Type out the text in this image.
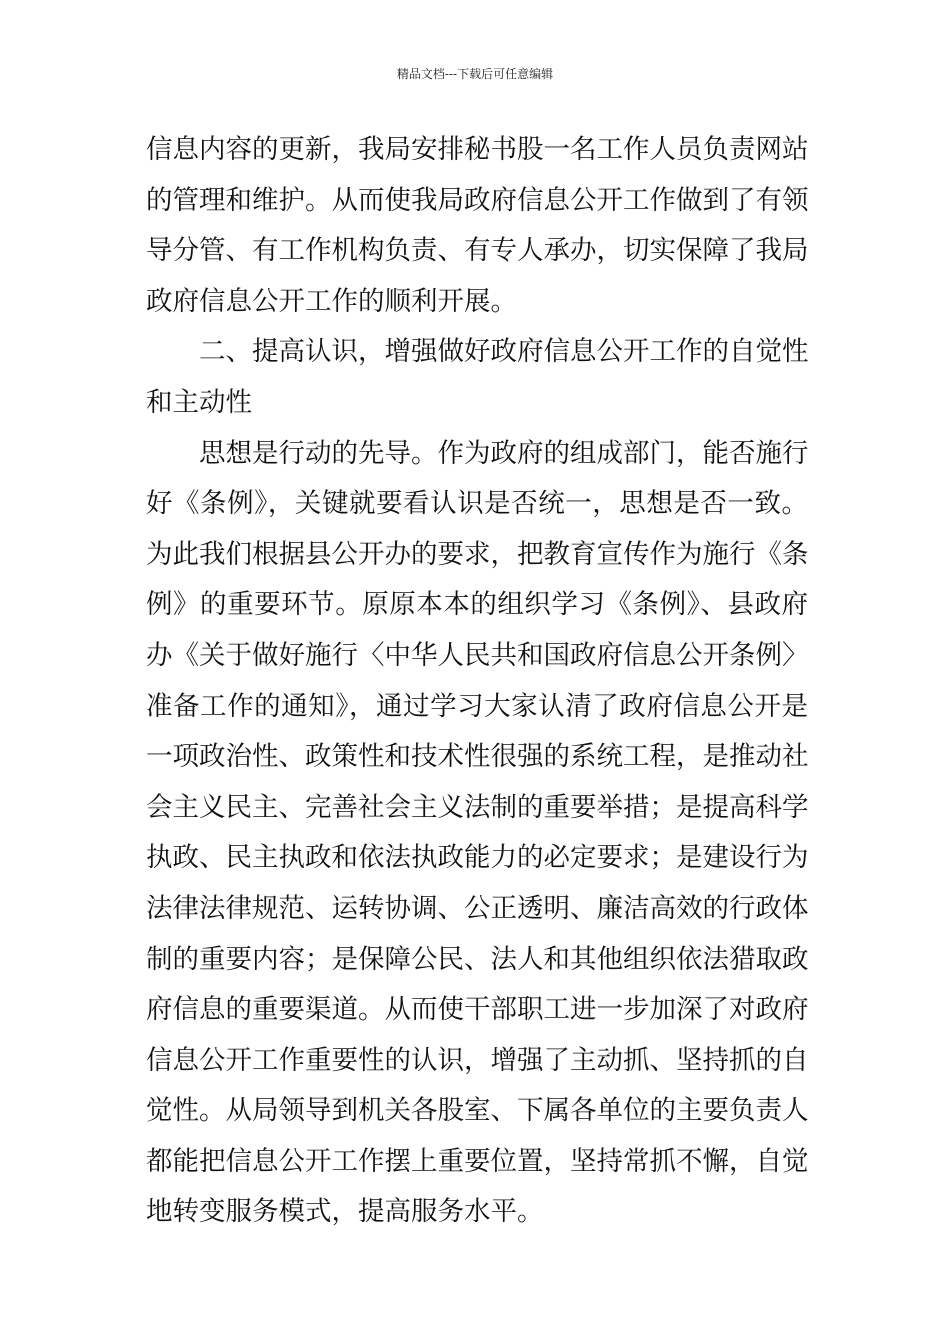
精品文档---下载后可任意编辑
信息内容的更新，我局安排秘书股一名工作人员负责网站
的管理和维护。从而使我局政府信息公开工作做到了有领
导分管、有工作机构负责、有专人承办，切实保障了我局
政府信息公开工作的顺利开展。
二、提高认识，增强做好政府信息公开工作的自觉性
和主动性
思想是行动的先导。作为政府的组成部门，能否施行
好《条例》，关键就要看认识是否统一，思想是否一致。
为此我们根据县公开办的要求，把教育宣传作为施行《条
例》的重要环节。原原本本的组织学习《条例》、县政府
办《关于做好施行〈中华人民共和国政府信息公开条例〉
准备工作的通知》，通过学习大家认清了政府信息公开是
一项政治性、政策性和技术性很强的系统工程，是推动社
会主义民主、完善社会主义法制的重要举措；是提高科学
执政、民主执政和依法执政能力的必定要求；是建设行为
法律法律规范、运转协调、公正透明、廉洁高效的行政体
制的重要内容；是保障公民、法人和其他组织依法猎取政
府信息的重要渠道。从而使干部职工进一步加深了对政府
信息公开工作重要性的认识，增强了主动抓、坚持抓的自
觉性。从局领导到机关各股室、下属各单位的主要负责人
都能把信息公开工作摆上重要位置，坚持常抓不懈，自觉
地转变服务模式，提高服务水平。
